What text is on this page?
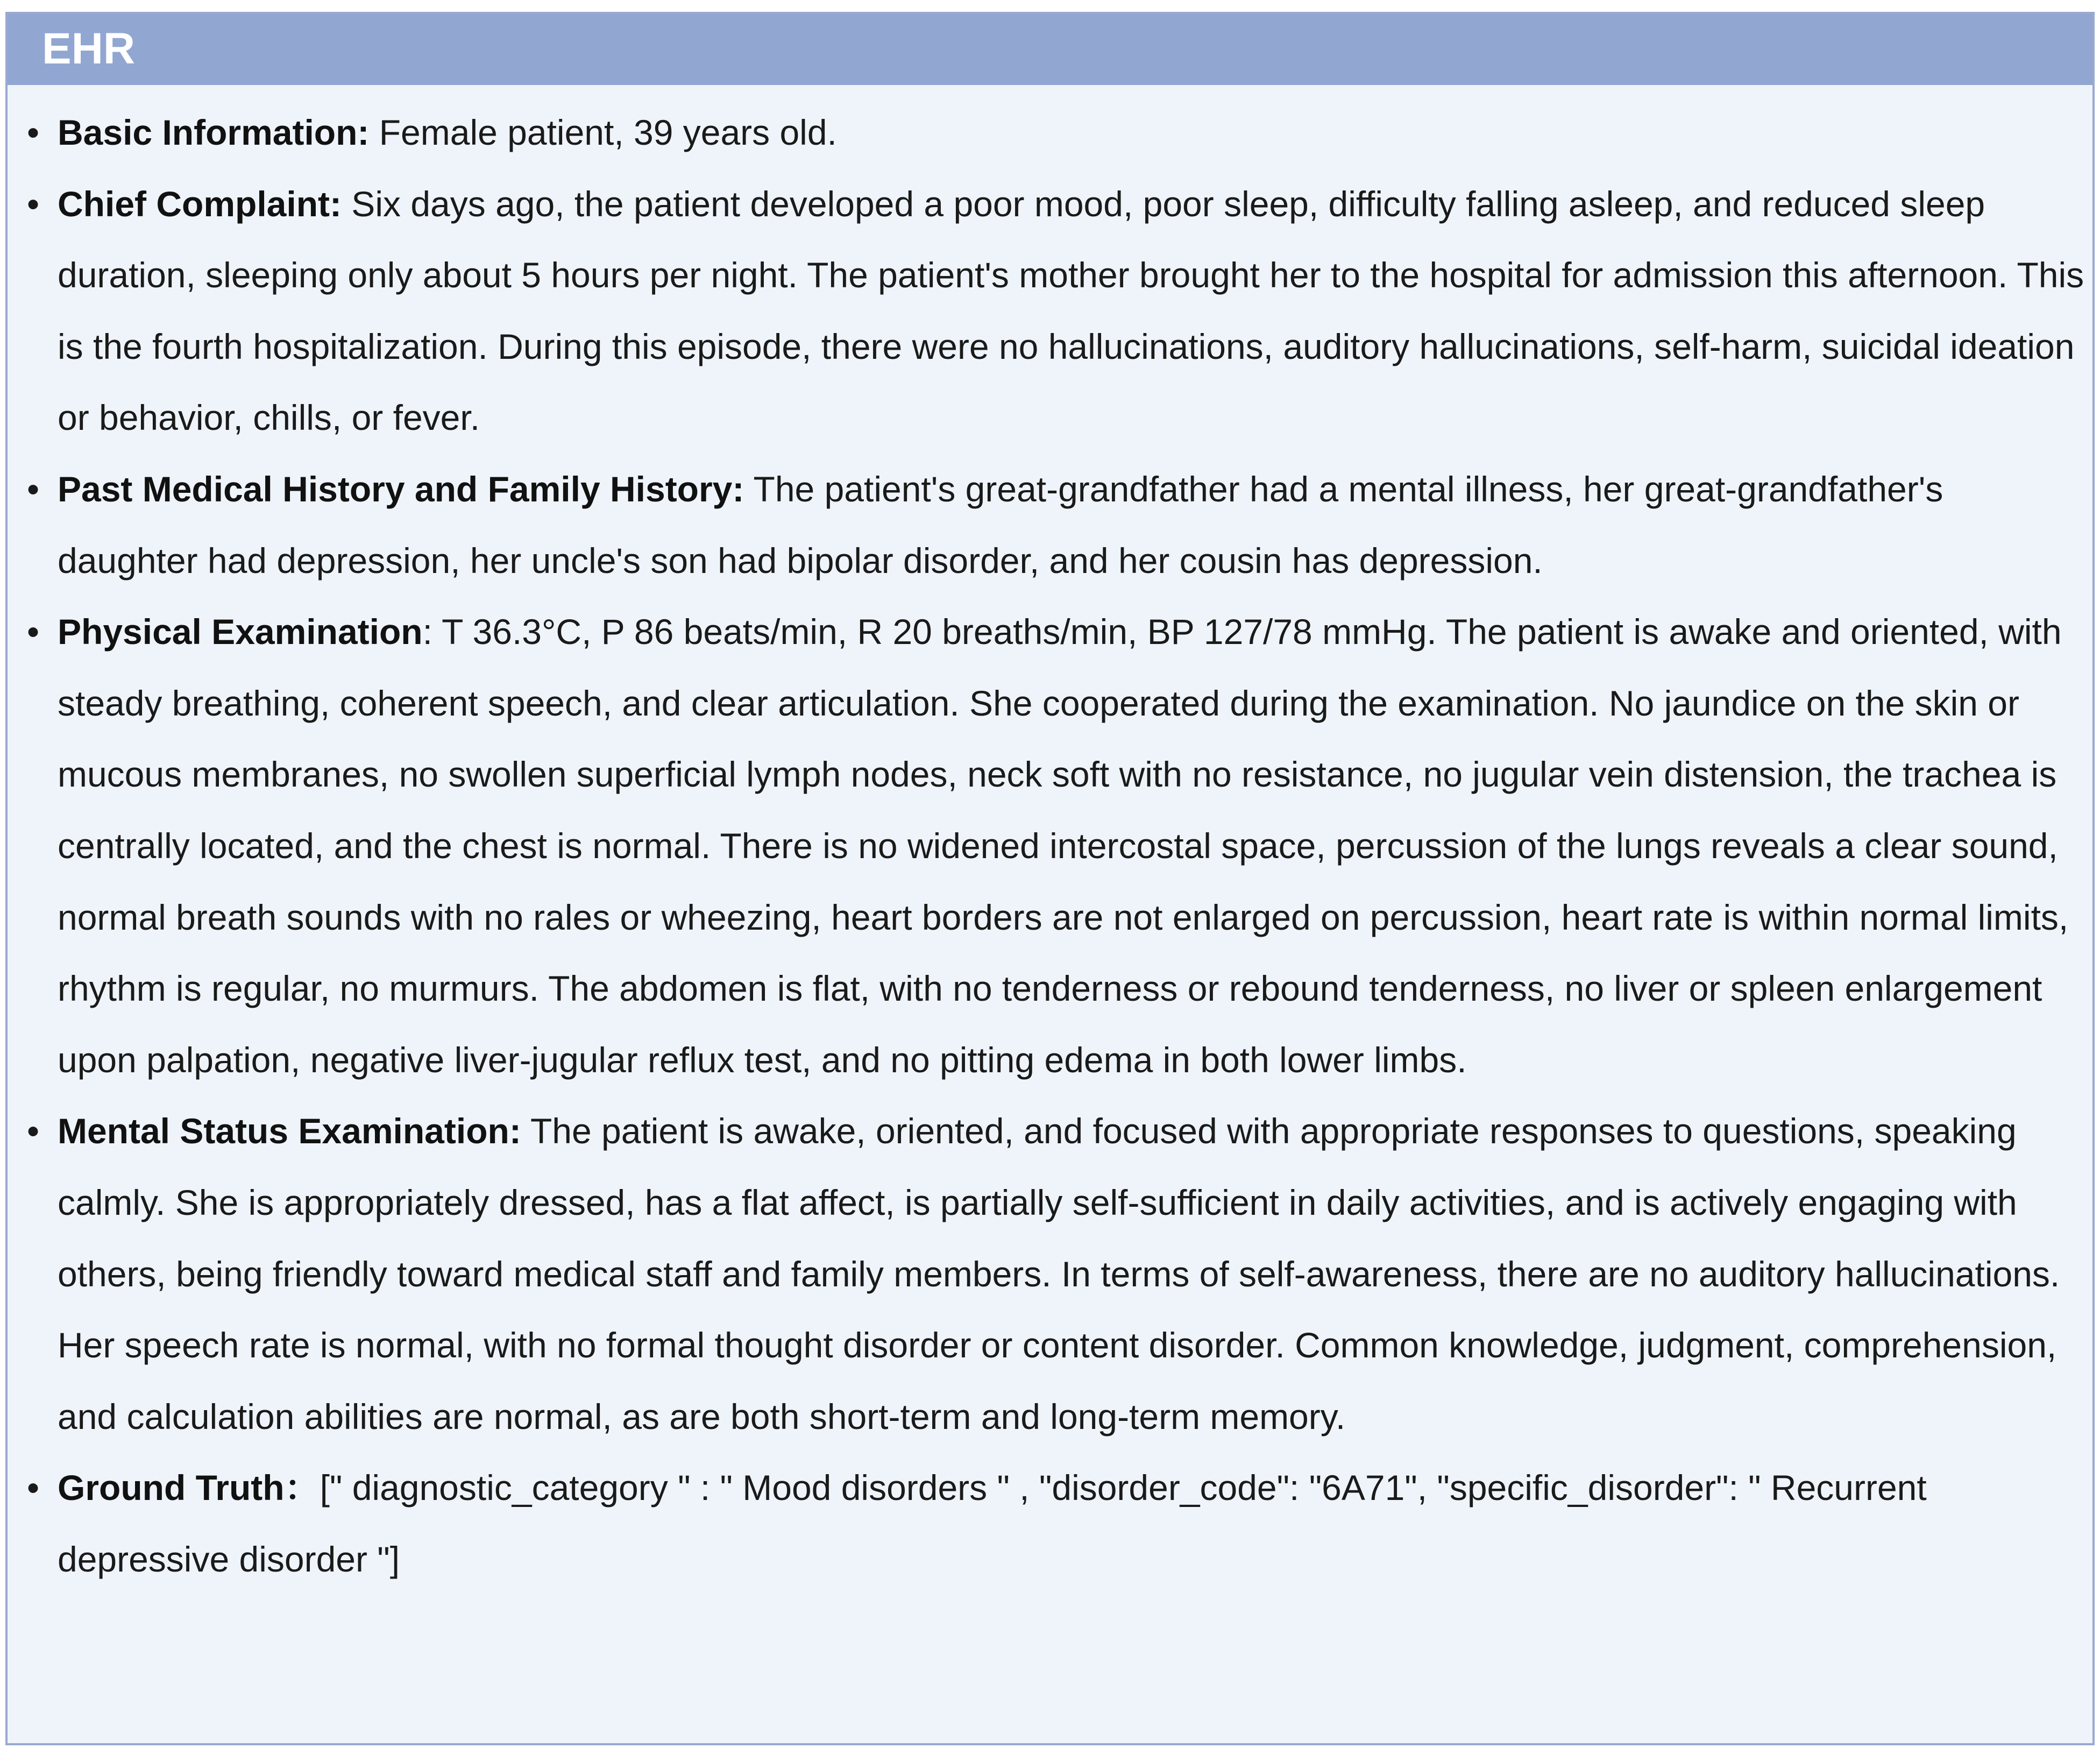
EHR
• Basic Information: Female patient, 39 years old.
• Chief Complaint: Six days ago, the patient developed a poor mood, poor sleep, difficulty falling asleep, and reduced sleep duration, sleeping only about 5 hours per night. The patient's mother brought her to the hospital for admission this afternoon. This is the fourth hospitalization. During this episode, there were no hallucinations, auditory hallucinations, self-harm, suicidal ideation or behavior, chills, or fever.
• Past Medical History and Family History: The patient's great-grandfather had a mental illness, her great-grandfather's daughter had depression, her uncle's son had bipolar disorder, and her cousin has depression.
• Physical Examination: T 36.3°C, P 86 beats/min, R 20 breaths/min, BP 127/78 mmHg. The patient is awake and oriented, with steady breathing, coherent speech, and clear articulation. She cooperated during the examination. No jaundice on the skin or mucous membranes, no swollen superficial lymph nodes, neck soft with no resistance, no jugular vein distension, the trachea is centrally located, and the chest is normal. There is no widened intercostal space, percussion of the lungs reveals a clear sound, normal breath sounds with no rales or wheezing, heart borders are not enlarged on percussion, heart rate is within normal limits, rhythm is regular, no murmurs. The abdomen is flat, with no tenderness or rebound tenderness, no liver or spleen enlargement upon palpation, negative liver-jugular reflux test, and no pitting edema in both lower limbs.
• Mental Status Examination: The patient is awake, oriented, and focused with appropriate responses to questions, speaking calmly. She is appropriately dressed, has a flat affect, is partially self-sufficient in daily activities, and is actively engaging with others, being friendly toward medical staff and family members. In terms of self-awareness, there are no auditory hallucinations. Her speech rate is normal, with no formal thought disorder or content disorder. Common knowledge, judgment, comprehension, and calculation abilities are normal, as are both short-term and long-term memory.
• Ground Truth：[" diagnostic_category " : " Mood disorders " , "disorder_code": "6A71", "specific_disorder": " Recurrent depressive disorder "]
